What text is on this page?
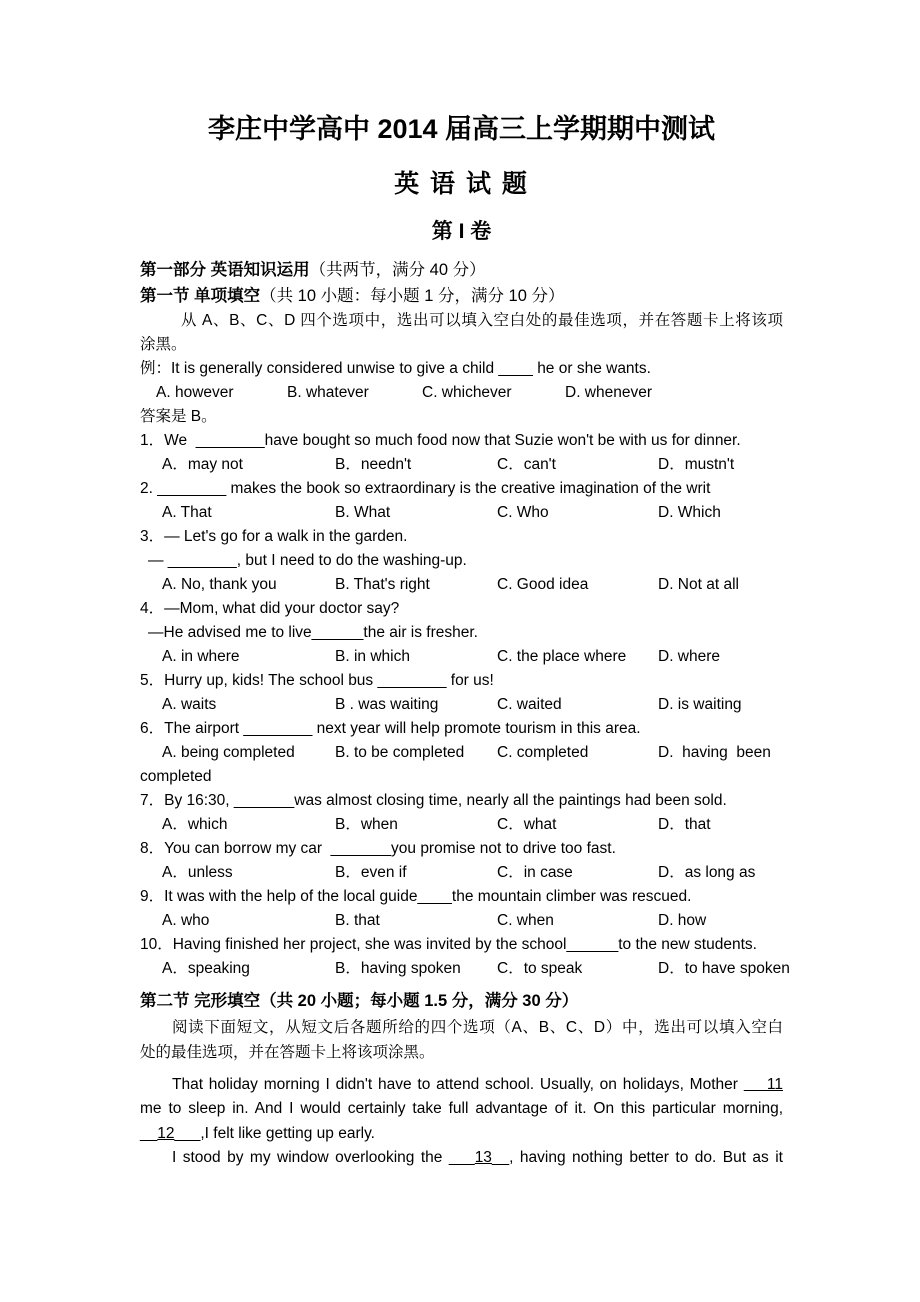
李庄中学高中 2014 届高三上学期期中测试
英 语 试 题
第 I 卷
第一部分 英语知识运用（共两节，满分 40 分）
第一节 单项填空（共 10 小题：每小题 1 分，满分 10 分）
从 A、B、C、D 四个选项中，选出可以填入空白处的最佳选项，并在答题卡上将该项
涂黑。
例：It is generally considered unwise to give a child ____ he or she wants.
A. however	B. whatever	C. whichever	D. whenever
答案是 B。
1．We  ________have bought so much food now that Suzie won't be with us for dinner.
A．may not	B．needn't	C．can't	D．mustn't
2. ________ makes the book so extraordinary is the creative imagination of the writ
A. That	B. What	C. Who	D. Which
3．— Let's go for a walk in the garden.
— ________, but I need to do the washing-up.
A. No, thank you	B. That's right	C. Good idea	D. Not at all
4．—Mom, what did your doctor say?
—He advised me to live______the air is fresher.
A. in where	B. in which	C. the place where D. where
5．Hurry up, kids! The school bus ________ for us!
A. waits	B . was waiting	C. waited	D. is waiting
6．The airport ________ next year will help promote tourism in this area.
A. being completed	B. to be completed C. completed	D.  having  been
completed
7．By 16:30, _______was almost closing time, nearly all the paintings had been sold.
A．which	B．when	C．what	D．that
8．You can borrow my car  _______you promise not to drive too fast.
A．unless	B．even if	C．in case	D．as long as
9．It was with the help of the local guide____the mountain climber was rescued.
A. who	B. that	C. when	D. how
10．Having finished her project, she was invited by the school______to the new students.
A．speaking	B．having spoken C．to speak	D．to have spoken
第二节 完形填空（共 20 小题；每小题 1.5 分，满分 30 分）
阅读下面短文，从短文后各题所给的四个选项（A、B、C、D）中，选出可以填入空白
处的最佳选项，并在答题卡上将该项涂黑。
That holiday morning I didn't have to attend school. Usually, on holidays, Mother     11
me to sleep in. And I would certainly take full advantage of it. On this particular morning,
__12___,I felt like getting up early.
I stood by my window overlooking the ___13__, having nothing better to do. But as it
